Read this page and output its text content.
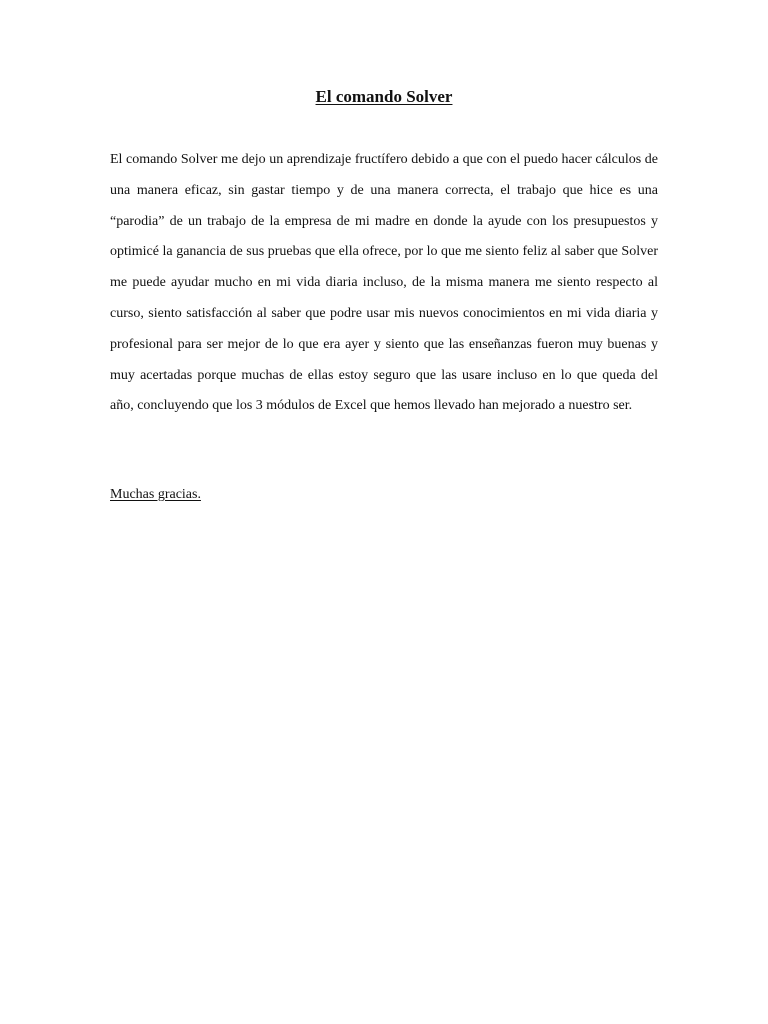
El comando Solver

El comando Solver me dejo un aprendizaje fructífero debido a que con el puedo hacer cálculos de una manera eficaz, sin gastar tiempo y de una manera correcta, el trabajo que hice es una “parodia” de un trabajo de la empresa de mi madre en donde la ayude con los presupuestos y optimicé la ganancia de sus pruebas que ella ofrece, por lo que me siento feliz al saber que Solver me puede ayudar mucho en mi vida diaria incluso, de la misma manera me siento respecto al curso, siento satisfacción al saber que podre usar mis nuevos conocimientos en mi vida diaria y profesional para ser mejor de lo que era ayer y siento que las enseñanzas fueron muy buenas y muy acertadas porque muchas de ellas estoy seguro que las usare incluso en lo que queda del año, concluyendo que los 3 módulos de Excel que hemos llevado han mejorado a nuestro ser.

Muchas gracias.
